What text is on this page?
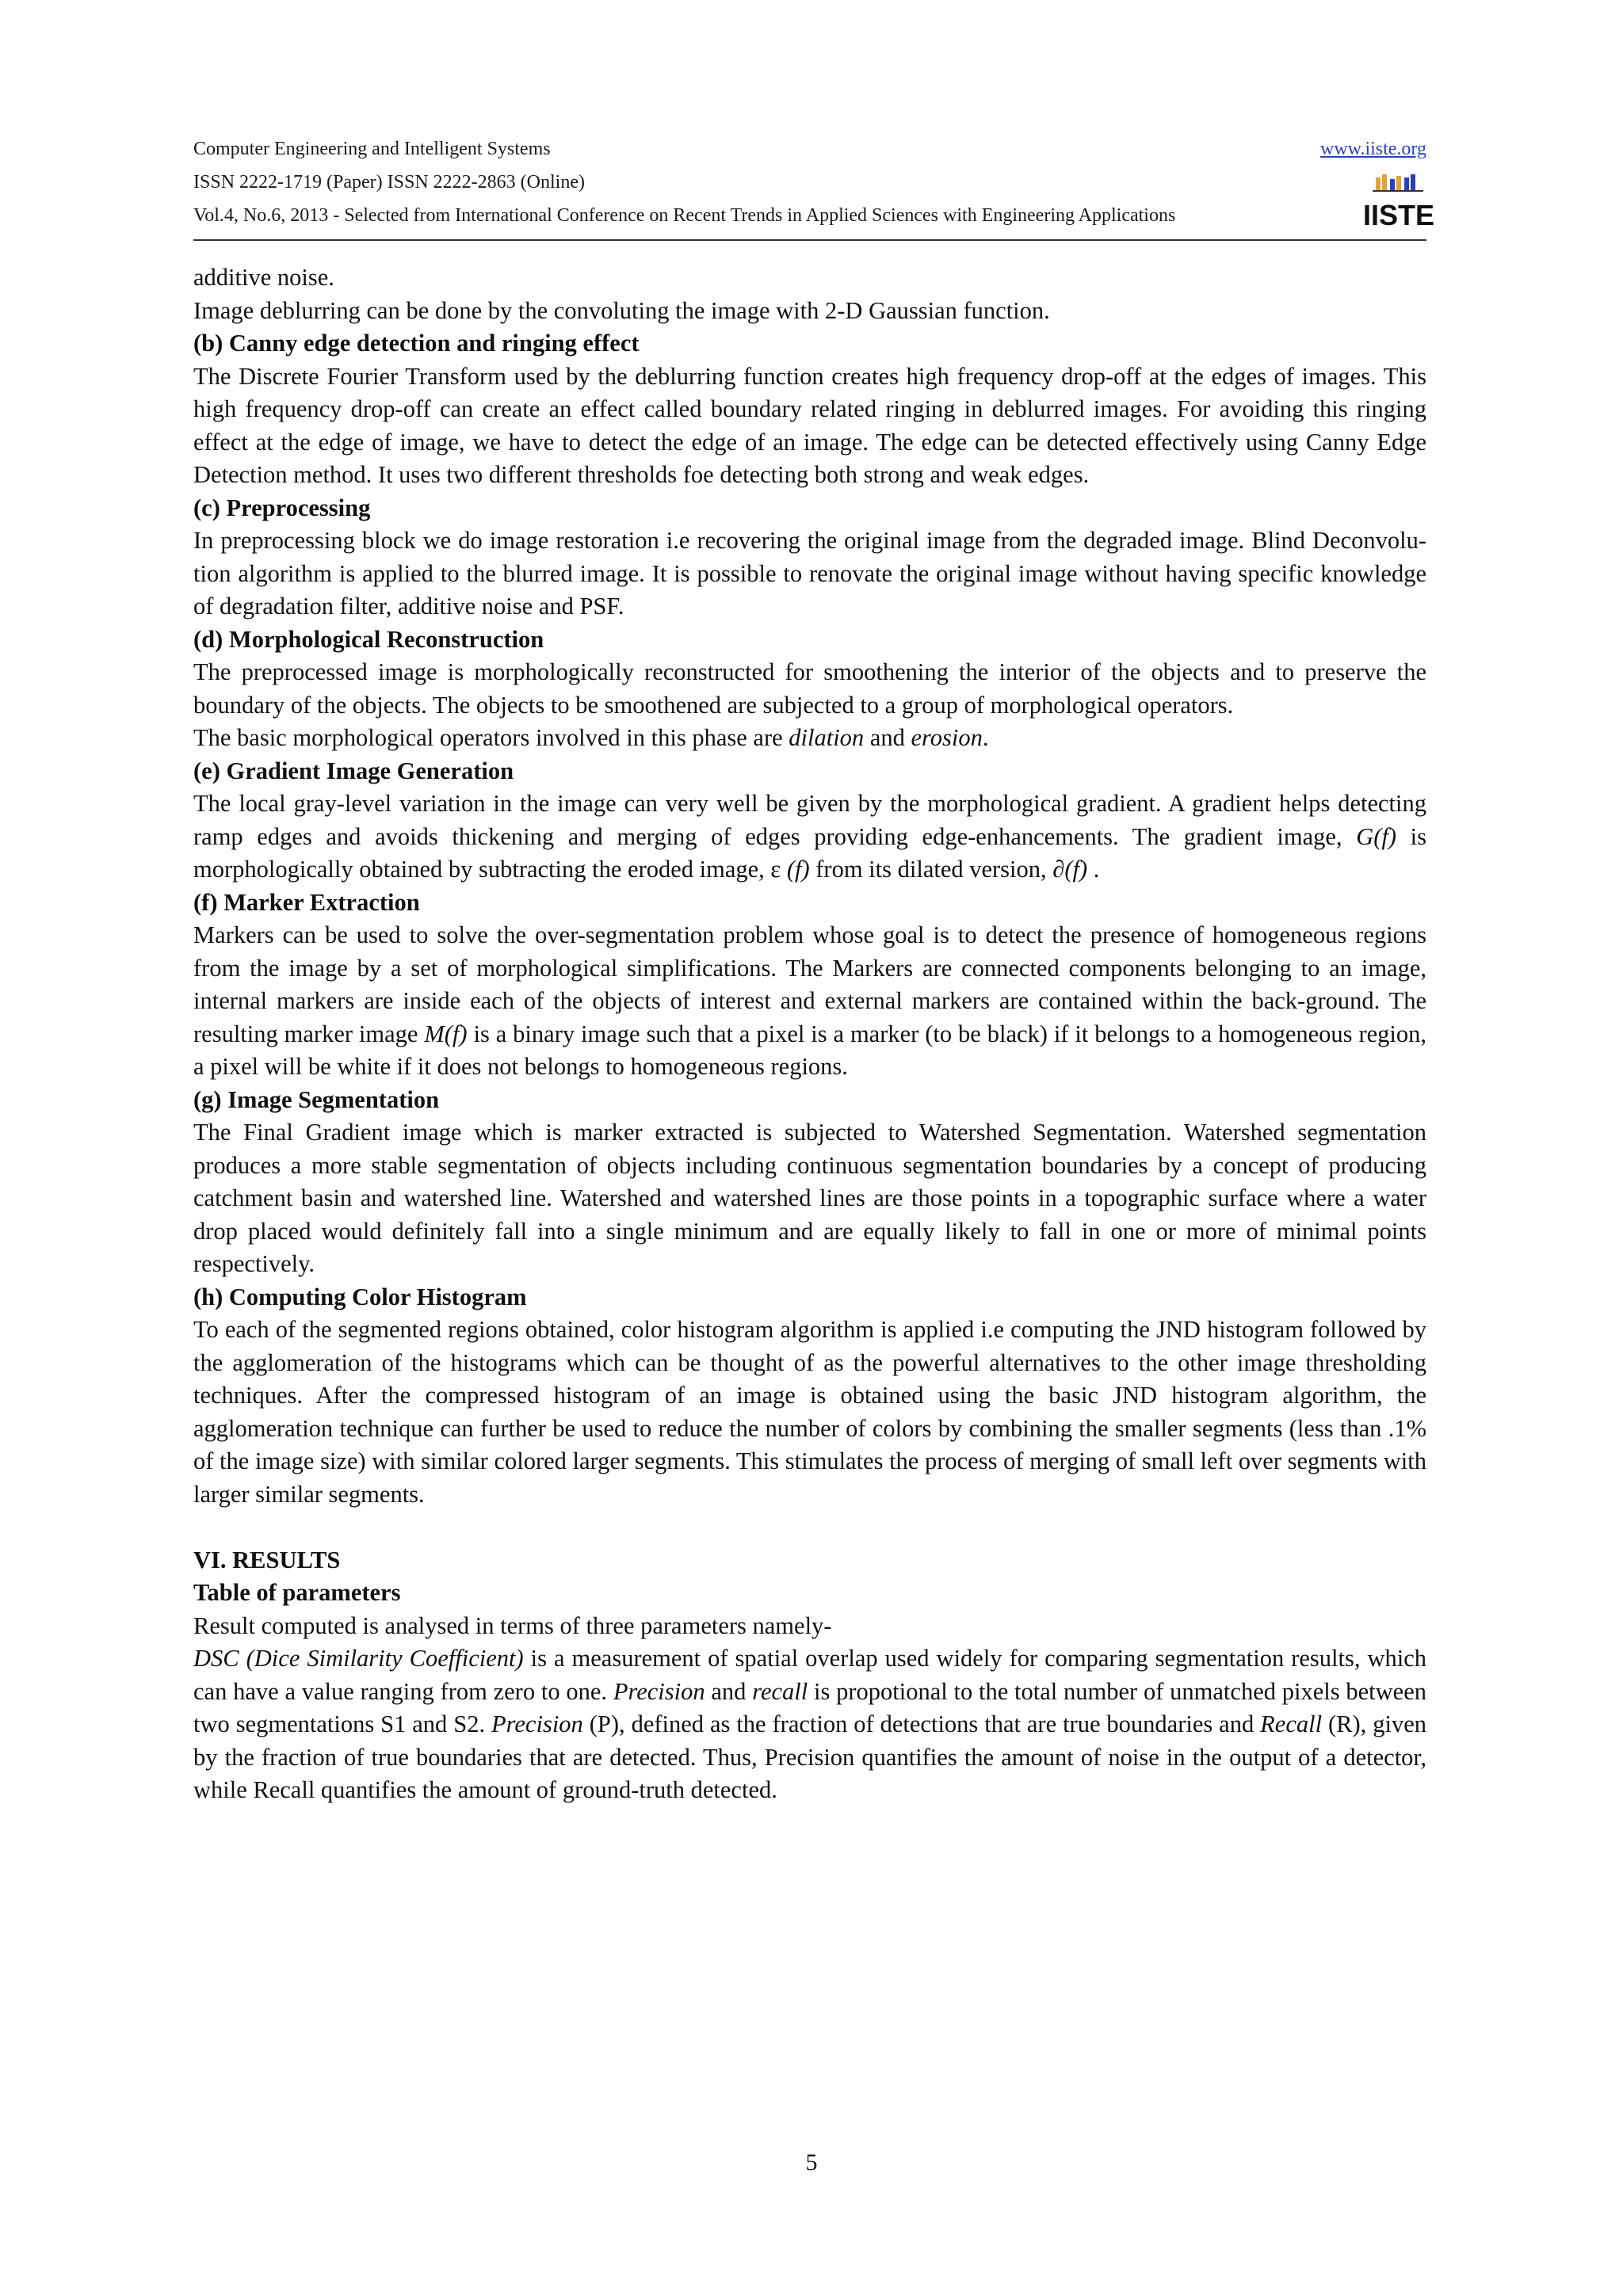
Computer Engineering and Intelligent Systems
ISSN 2222-1719 (Paper) ISSN 2222-2863 (Online)
Vol.4, No.6, 2013 - Selected from International Conference on Recent Trends in Applied Sciences with Engineering Applications
www.iiste.org
IISTE

additive noise.

Image deblurring can be done by the convoluting the image with 2-D Gaussian function.

(b) Canny edge detection and ringing effect

The Discrete Fourier Transform used by the deblurring function creates high frequency drop-off at the edges of images. This high frequency drop-off can create an effect called boundary related ringing in deblurred images. For avoiding this ringing effect at the edge of image, we have to detect the edge of an image. The edge can be detected effectively using Canny Edge Detection method. It uses two different thresholds foe detecting both strong and weak edges.

(c) Preprocessing

In preprocessing block we do image restoration i.e recovering the original image from the degraded image. Blind Deconvolu-tion algorithm is applied to the blurred image. It is possible to renovate the original image without having specific knowledge of degradation filter, additive noise and PSF.

(d) Morphological Reconstruction

The preprocessed image is morphologically reconstructed for smoothening the interior of the objects and to preserve the boundary of the objects. The objects to be smoothened are subjected to a group of morphological operators.

The basic morphological operators involved in this phase are dilation and erosion.

(e) Gradient Image Generation

The local gray-level variation in the image can very well be given by the morphological gradient. A gradient helps detecting ramp edges and avoids thickening and merging of edges providing edge-enhancements. The gradient image, G(f) is morphologically obtained by subtracting the eroded image, ε (f) from its dilated version, ∂(f) .

(f) Marker Extraction

Markers can be used to solve the over-segmentation problem whose goal is to detect the presence of homogeneous regions from the image by a set of morphological simplifications. The Markers are connected components belonging to an image, internal markers are inside each of the objects of interest and external markers are contained within the back-ground. The resulting marker image M(f) is a binary image such that a pixel is a marker (to be black) if it belongs to a homogeneous region, a pixel will be white if it does not belongs to homogeneous regions.

(g) Image Segmentation

The Final Gradient image which is marker extracted is subjected to Watershed Segmentation. Watershed segmentation produces a more stable segmentation of objects including continuous segmentation boundaries by a concept of producing catchment basin and watershed line. Watershed and watershed lines are those points in a topographic surface where a water drop placed would definitely fall into a single minimum and are equally likely to fall in one or more of minimal points respectively.

(h) Computing Color Histogram

To each of the segmented regions obtained, color histogram algorithm is applied i.e computing the JND histogram followed by the agglomeration of the histograms which can be thought of as the powerful alternatives to the other image thresholding techniques. After the compressed histogram of an image is obtained using the basic JND histogram algorithm, the agglomeration technique can further be used to reduce the number of colors by combining the smaller segments (less than .1% of the image size) with similar colored larger segments. This stimulates the process of merging of small left over segments with larger similar segments.

VI. RESULTS
Table of parameters

Result computed is analysed in terms of three parameters namely-

DSC (Dice Similarity Coefficient) is a measurement of spatial overlap used widely for comparing segmentation results, which can have a value ranging from zero to one. Precision and recall is propotional to the total number of unmatched pixels between two segmentations S1 and S2. Precision (P), defined as the fraction of detections that are true boundaries and Recall (R), given by the fraction of true boundaries that are detected. Thus, Precision quantifies the amount of noise in the output of a detector, while Recall quantifies the amount of ground-truth detected.

5
